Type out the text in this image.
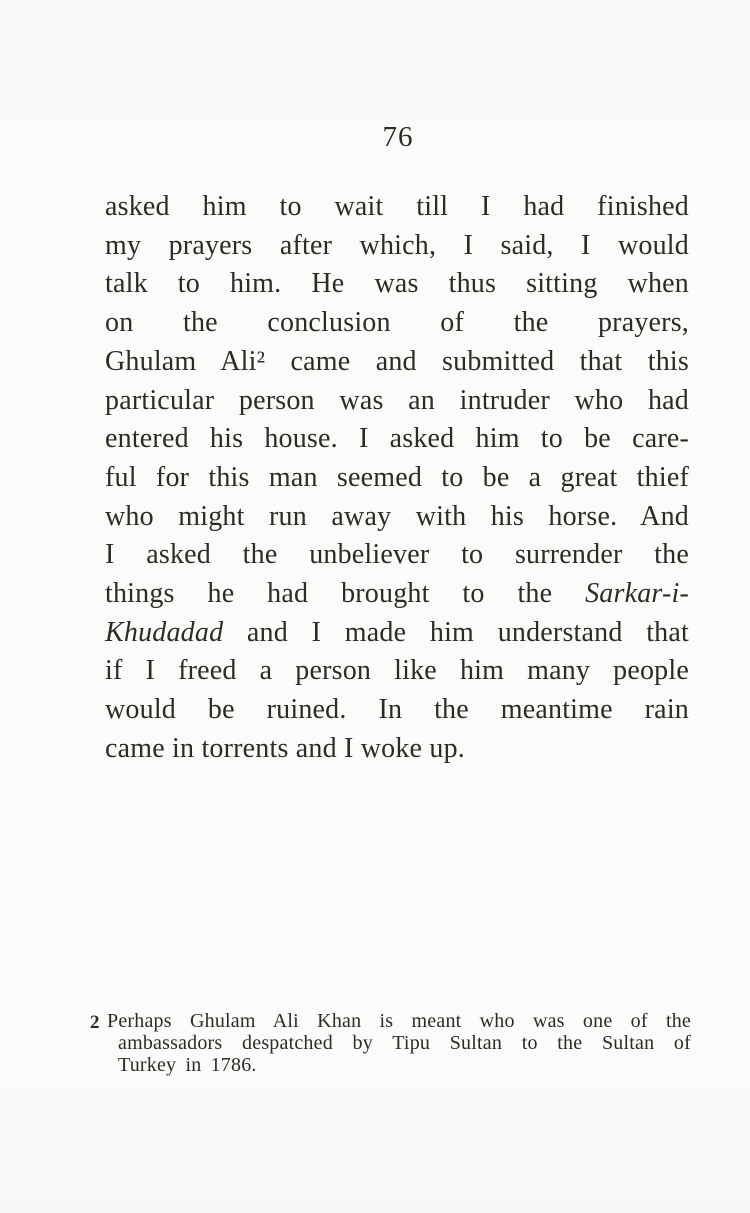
76
asked him to wait till I had finished
my prayers after which, I said, I would
talk to him. He was thus sitting when
on the conclusion of the prayers,
Ghulam Ali² came and submitted that this
particular person was an intruder who had
entered his house. I asked him to be care-
ful for this man seemed to be a great thief
who might run away with his horse. And
I asked the unbeliever to surrender the
things he had brought to the Sarkar-i-
Khudadad and I made him understand that
if I freed a person like him many people
would be ruined. In the meantime rain
came in torrents and I woke up.
2 Perhaps Ghulam Ali Khan is meant who was one of the
ambassadors despatched by Tipu Sultan to the Sultan of
Turkey in 1786.
